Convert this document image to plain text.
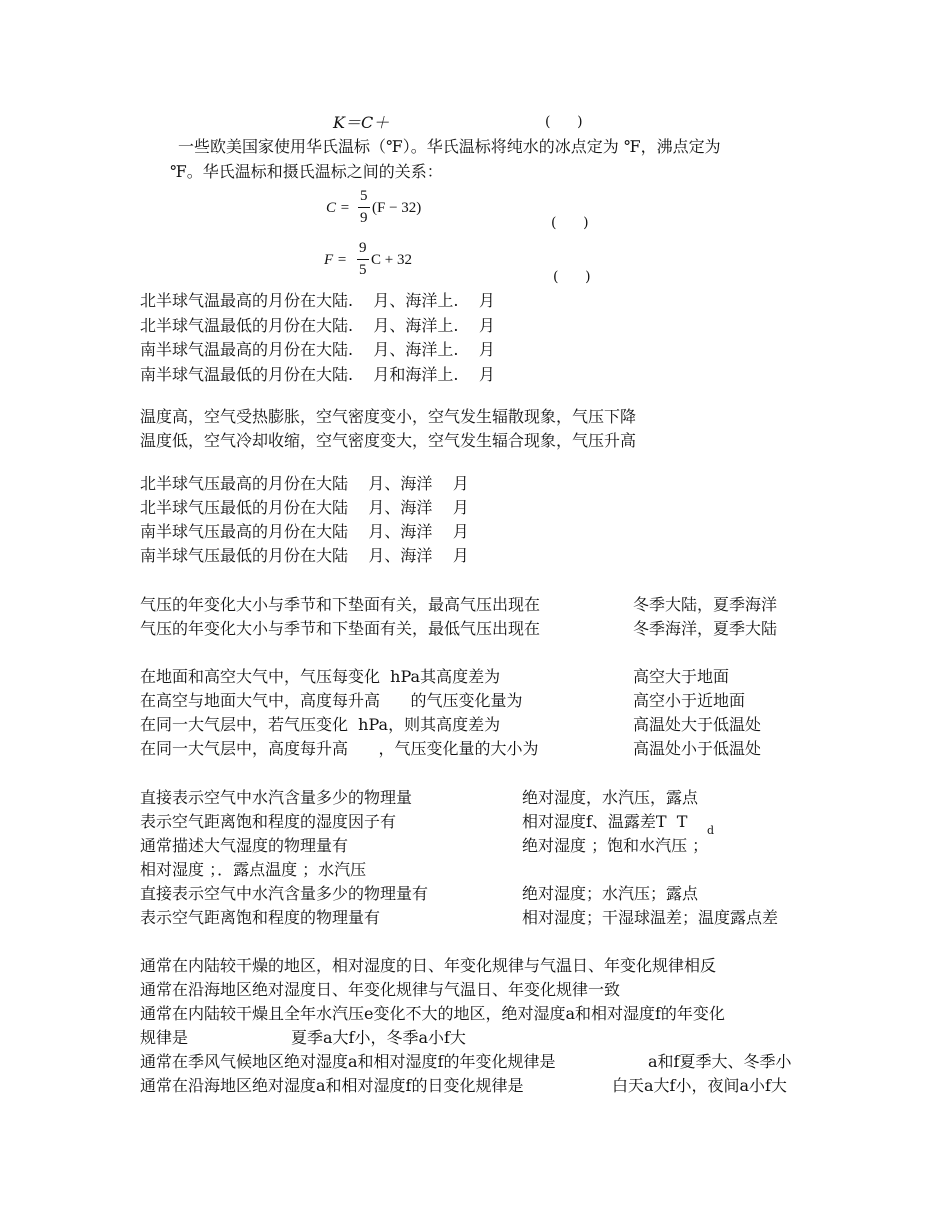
K＝C＋	(      )
一些欧美国家使用华氏温标（℉）。华氏温标将纯水的冰点定为 ℉，沸点定为
℉。华氏温标和摄氏温标之间的关系：
C =
5
9
(F − 32)
(      )
F =
9
5
C + 32
(      )
北半球气温最高的月份在大陆.    月、海洋上.    月
北半球气温最低的月份在大陆.    月、海洋上.    月
南半球气温最高的月份在大陆.    月、海洋上.    月
南半球气温最低的月份在大陆.    月和海洋上.    月
温度高，空气受热膨胀，空气密度变小，空气发生辐散现象，气压下降
温度低，空气冷却收缩，空气密度变大，空气发生辐合现象，气压升高
北半球气压最高的月份在大陆    月、海洋    月
北半球气压最低的月份在大陆    月、海洋    月
南半球气压最高的月份在大陆    月、海洋    月
南半球气压最低的月份在大陆    月、海洋    月
气压的年变化大小与季节和下垫面有关，最高气压出现在	冬季大陆，夏季海洋
气压的年变化大小与季节和下垫面有关，最低气压出现在	冬季海洋，夏季大陆
在地面和高空大气中，气压每变化  hPa其高度差为	高空大于地面
在高空与地面大气中，高度每升高      的气压变化量为	高空小于近地面
在同一大气层中，若气压变化  hPa，则其高度差为	高温处大于低温处
在同一大气层中，高度每升高      ，气压变化量的大小为	高温处小于低温处
直接表示空气中水汽含量多少的物理量	绝对湿度，水汽压，露点
表示空气距离饱和程度的湿度因子有	相对湿度f、温露差T  T d
通常描述大气湿度的物理量有	绝对湿度 ；饱和水汽压 ；
相对湿度 ；．露点温度 ；水汽压
直接表示空气中水汽含量多少的物理量有	绝对湿度；水汽压；露点
表示空气距离饱和程度的物理量有	相对湿度；干湿球温差；温度露点差
通常在内陆较干燥的地区，相对湿度的日、年变化规律与气温日、年变化规律相反
通常在沿海地区绝对湿度日、年变化规律与气温日、年变化规律一致
通常在内陆较干燥且全年水汽压e变化不大的地区，绝对湿度a和相对湿度f的年变化
规律是	夏季a大f小，冬季a小f大
通常在季风气候地区绝对湿度a和相对湿度f的年变化规律是	a和f夏季大、冬季小
通常在沿海地区绝对湿度a和相对湿度f的日变化规律是	白天a大f小，夜间a小f大
